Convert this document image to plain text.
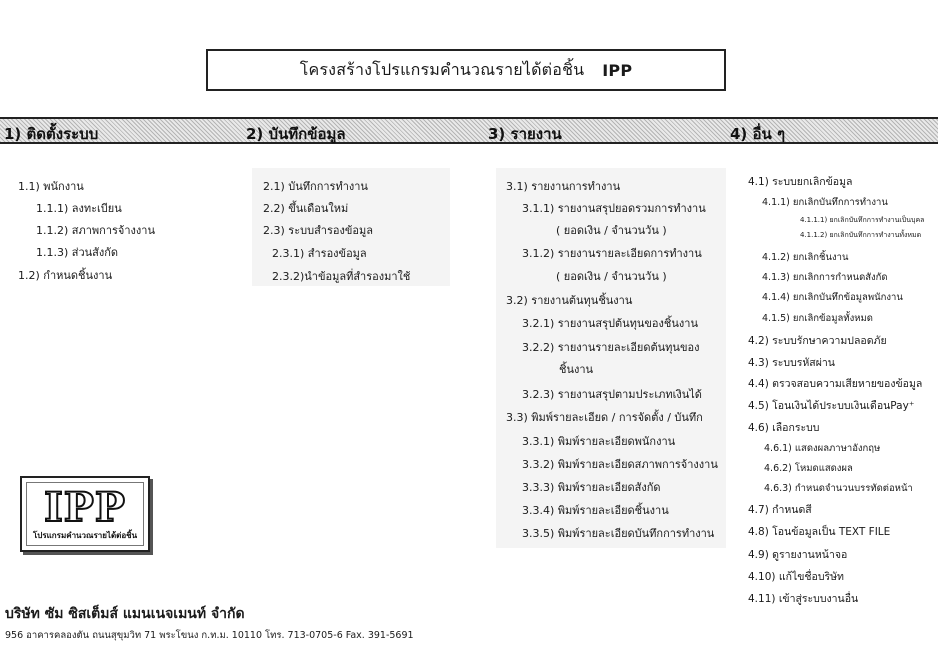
โครงสร้างโปรแกรมคำนวณรายได้ต่อชิ้น IPP
1) ติดตั้งระบบ	2) บันทึกข้อมูล	3) รายงาน	4) อื่น ๆ
1.1) พนักงาน
1.1.1) ลงทะเบียน
1.1.2) สภาพการจ้างงาน
1.1.3) ส่วนสังกัด
1.2) กำหนดชิ้นงาน
2.1) บันทึกการทำงาน
2.2) ขึ้นเดือนใหม่
2.3) ระบบสำรองข้อมูล
2.3.1) สำรองข้อมูล
2.3.2)นำข้อมูลที่สำรองมาใช้
3.1) รายงานการทำงาน
3.1.1) รายงานสรุปยอดรวมการทำงาน
( ยอดเงิน / จำนวนวัน )
3.1.2) รายงานรายละเอียดการทำงาน
( ยอดเงิน / จำนวนวัน )
3.2) รายงานต้นทุนชิ้นงาน
3.2.1) รายงานสรุปต้นทุนของชิ้นงาน
3.2.2) รายงานรายละเอียดต้นทุนของ
ชิ้นงาน
3.2.3) รายงานสรุปตามประเภทเงินได้
3.3) พิมพ์รายละเอียด / การจัดตั้ง / บันทึก
3.3.1) พิมพ์รายละเอียดพนักงาน
3.3.2) พิมพ์รายละเอียดสภาพการจ้างงาน
3.3.3) พิมพ์รายละเอียดสังกัด
3.3.4) พิมพ์รายละเอียดชิ้นงาน
3.3.5) พิมพ์รายละเอียดบันทึกการทำงาน
4.1) ระบบยกเลิกข้อมูล
4.1.1) ยกเลิกบันทึกการทำงาน
4.1.1.1) ยกเลิกบันทึกการทำงานเป็นบุคล
4.1.1.2) ยกเลิกบันทึกการทำงานทั้งหมด
4.1.2) ยกเลิกชิ้นงาน
4.1.3) ยกเลิกการกำหนดสังกัด
4.1.4) ยกเลิกบันทึกข้อมูลพนักงาน
4.1.5) ยกเลิกข้อมูลทั้งหมด
4.2) ระบบรักษาความปลอดภัย
4.3) ระบบรหัสผ่าน
4.4) ตรวจสอบความเสียหายของข้อมูล
4.5) โอนเงินได้ประบบเงินเดือนPay⁺
4.6) เลือกระบบ
4.6.1) แสดงผลภาษาอังกฤษ
4.6.2) โหมดแสดงผล
4.6.3) กำหนดจำนวนบรรทัดต่อหน้า
4.7) กำหนดสี
4.8) โอนข้อมูลเป็น TEXT FILE
4.9) ดูรายงานหน้าจอ
4.10) แก้ไขชื่อบริษัท
4.11) เข้าสู่ระบบงานอื่น
IPP
โปรแกรมคำนวณรายได้ต่อชิ้น
บริษัท ซัม ซิสเต็มส์ แมนเนจเมนท์ จำกัด
956 อาคารคลองตัน ถนนสุขุมวิท 71 พระโขนง ก.ท.ม. 10110 โทร. 713-0705-6 Fax. 391-5691
